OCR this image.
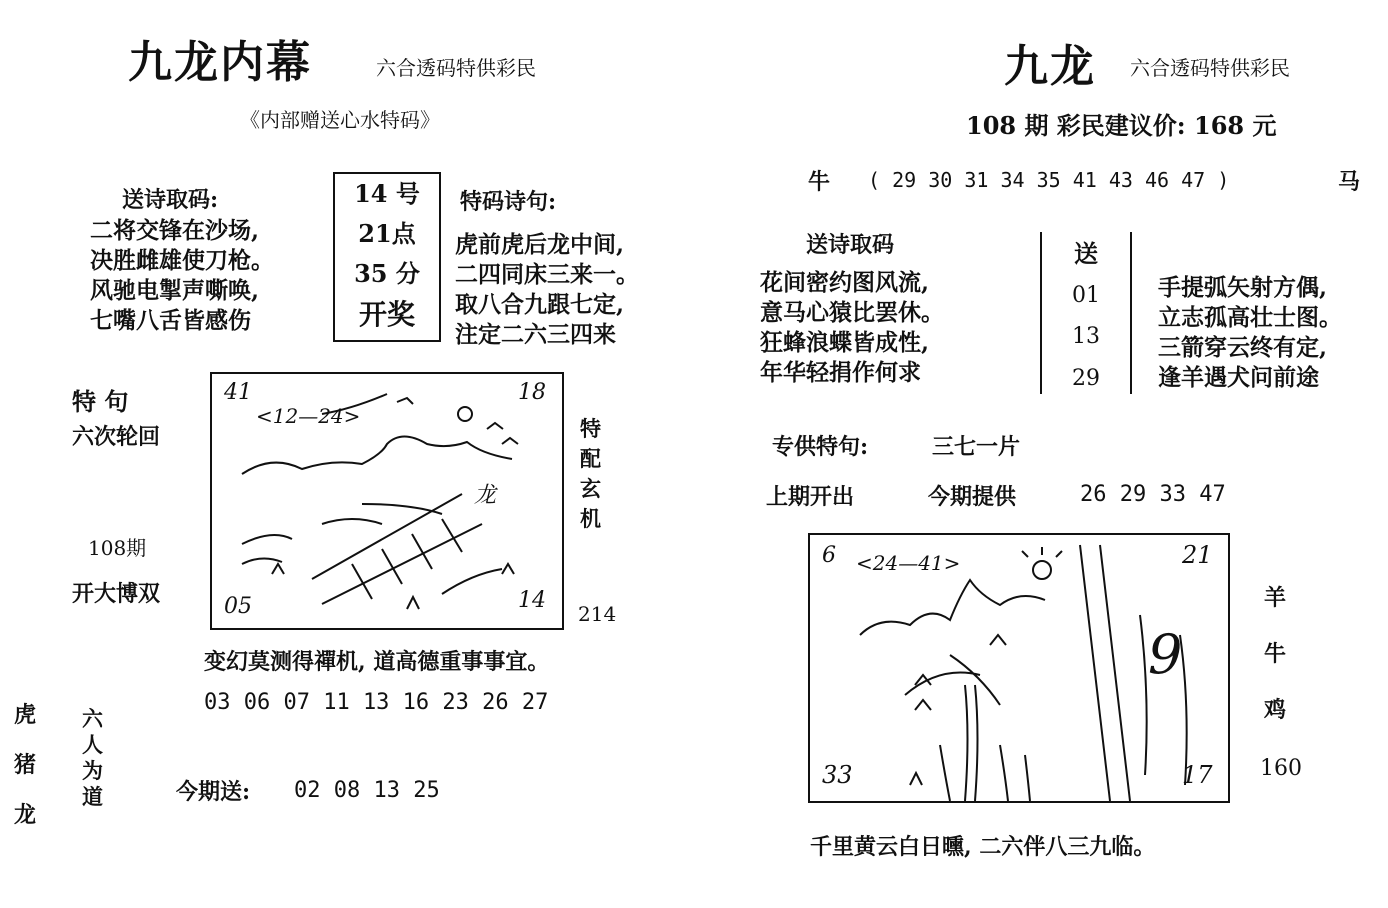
九龙内幕	六合透码特供彩民
《内部赠送心水特码》
送诗取码:
二将交锋在沙场,
决胜雌雄使刀枪。
风驰电掣声嘶唤,
七嘴八舌皆感伤
14 号
21点
35 分
开奖
特码诗句:
虎前虎后龙中间,
二四同床三来一。
取八合九跟七定,
注定二六三四来
特 句
六次轮回
108期
开大博双
41	18
05	14
<12—24>
龙
特
配
玄
机
214
变幻莫测得禪机, 道高德重事事宜。
03 06 07 11 13 16 23 26 27
虎
猪
龙
六
人
为
道	今期送: 02 08 13 25
九龙 六合透码特供彩民
108 期 彩民建议价: 168 元
牛 ( 29 30 31 34 35 41 43 46 47 )	马
送诗取码
花间密约图风流,
意马心猿比罢休。
狂蜂浪蝶皆成性,
年华轻捐作何求
送
01
13
29
手提弧矢射方偶,
立志孤高壮士图。
三箭穿云终有定,
逢羊遇犬问前途
专供特句:	三七一片
上期开出	今期提供	26 29 33 47
6 <24—41>	21
9
33	17
羊
牛
鸡
160
千里黄云白日曛, 二六伴八三九临。
